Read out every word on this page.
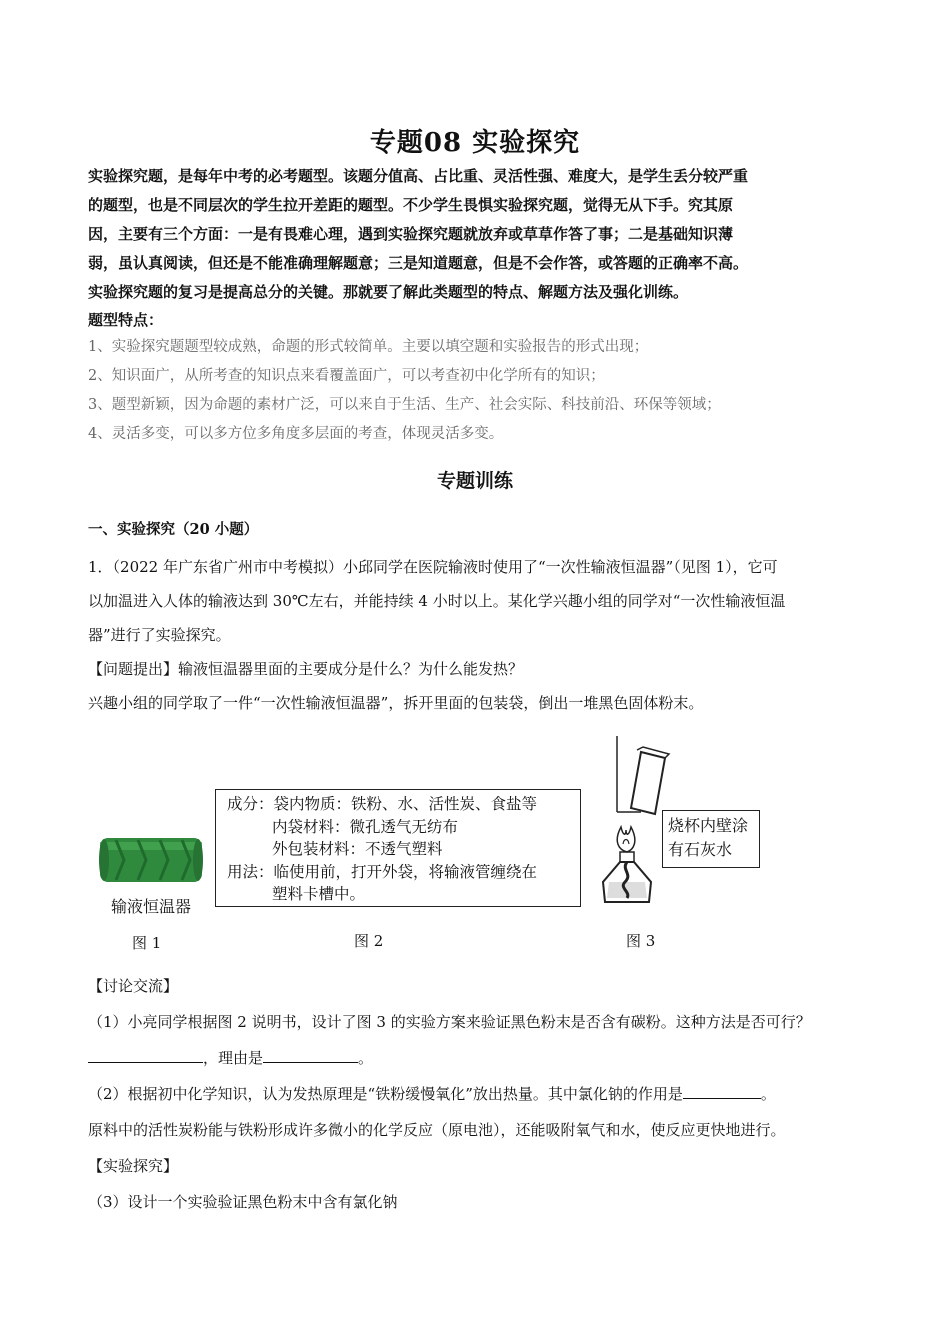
专题08 实验探究

实验探究题，是每年中考的必考题型。该题分值高、占比重、灵活性强、难度大，是学生丢分较严重

的题型，也是不同层次的学生拉开差距的题型。不少学生畏惧实验探究题，觉得无从下手。究其原

因，主要有三个方面：一是有畏难心理，遇到实验探究题就放弃或草草作答了事；二是基础知识薄

弱，虽认真阅读，但还是不能准确理解题意；三是知道题意，但是不会作答，或答题的正确率不高。

实验探究题的复习是提高总分的关键。那就要了解此类题型的特点、解题方法及强化训练。

题型特点：

1、实验探究题题型较成熟，命题的形式较简单。主要以填空题和实验报告的形式出现；

2、知识面广，从所考查的知识点来看覆盖面广，可以考查初中化学所有的知识；

3、题型新颖，因为命题的素材广泛，可以来自于生活、生产、社会实际、科技前沿、环保等领域；

4、灵活多变，可以多方位多角度多层面的考查，体现灵活多变。

专题训练
一、实验探究（20 小题）

1．（2022 年广东省广州市中考模拟）小邱同学在医院输液时使用了“一次性输液恒温器”（见图 1），它可

以加温进入人体的输液达到 30℃左右，并能持续 4 小时以上。某化学兴趣小组的同学对“一次性输液恒温

器”进行了实验探究。

【问题提出】输液恒温器里面的主要成分是什么？为什么能发热？

兴趣小组的同学取了一件“一次性输液恒温器”，拆开里面的包装袋，倒出一堆黑色固体粉末。

输液恒温器
图 1
成分：袋内物质：铁粉、水、活性炭、食盐等
内袋材料：微孔透气无纺布
外包装材料：不透气塑料
用法：临使用前，打开外袋，将输液管缠绕在
塑料卡槽中。
图 2
烧杯内壁涂
有石灰水
图 3

【讨论交流】

（1）小亮同学根据图 2 说明书，设计了图 3 的实验方案来验证黑色粉末是否含有碳粉。这种方法是否可行？

，理由是	。

（2）根据初中化学知识，认为发热原理是“铁粉缓慢氧化”放出热量。其中氯化钠的作用是	。

原料中的活性炭粉能与铁粉形成许多微小的化学反应（原电池），还能吸附氧气和水，使反应更快地进行。

【实验探究】

（3）设计一个实验验证黑色粉末中含有氯化钠
